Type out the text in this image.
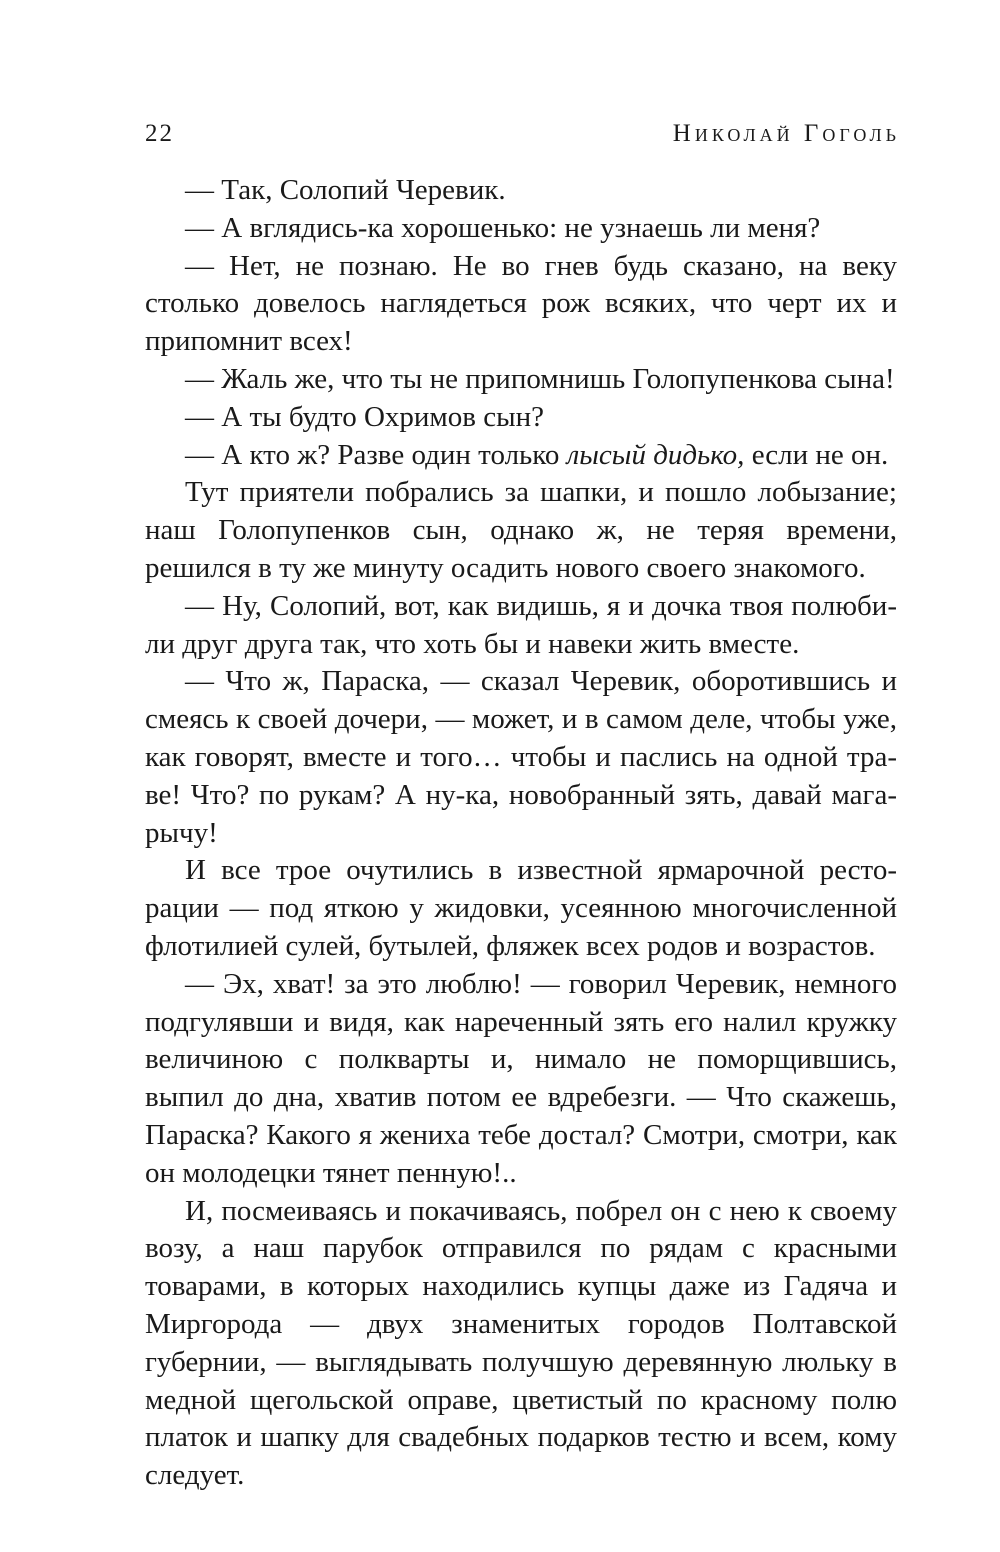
22	Николай Гоголь

— Так, Солопий Черевик.

— А вглядись-ка хорошенько: не узнаешь ли меня?

— Нет, не познаю. Не во гнев будь сказано, на веку столько довелось наглядеться рож всяких, что черт их и припомнит всех!

— Жаль же, что ты не припомнишь Голопупенкова сына!

— А ты будто Охримов сын?

— А кто ж? Разве один только лысый дидько, если не он.

Тут приятели побрались за шапки, и пошло лобызание; наш Голопупенков сын, однако ж, не теряя времени, решился в ту же минуту осадить нового своего знакомого.

— Ну, Солопий, вот, как видишь, я и дочка твоя полюбили друг друга так, что хоть бы и навеки жить вместе.

— Что ж, Параска, — сказал Черевик, оборотившись и смеясь к своей дочери, — может, и в самом деле, чтобы уже, как говорят, вместе и того… чтобы и паслись на одной траве! Что? по рукам? А ну-ка, новобранный зять, давай магарычу!

И все трое очутились в известной ярмарочной ресторации — под яткою у жидовки, усеянною многочисленной флотилией сулей, бутылей, фляжек всех родов и возрастов.

— Эх, хват! за это люблю! — говорил Черевик, немного подгулявши и видя, как нареченный зять его налил кружку величиною с полкварты и, нимало не поморщившись, выпил до дна, хватив потом ее вдребезги. — Что скажешь, Параска? Какого я жениха тебе достал? Смотри, смотри, как он молодецки тянет пенную!..

И, посмеиваясь и покачиваясь, побрел он с нею к своему возу, а наш парубок отправился по рядам с красными товарами, в которых находились купцы даже из Гадяча и Миргорода — двух знаменитых городов Полтавской губернии, — выглядывать получшую деревянную люльку в медной щегольской оправе, цветистый по красному полю платок и шапку для свадебных подарков тестю и всем, кому следует.
